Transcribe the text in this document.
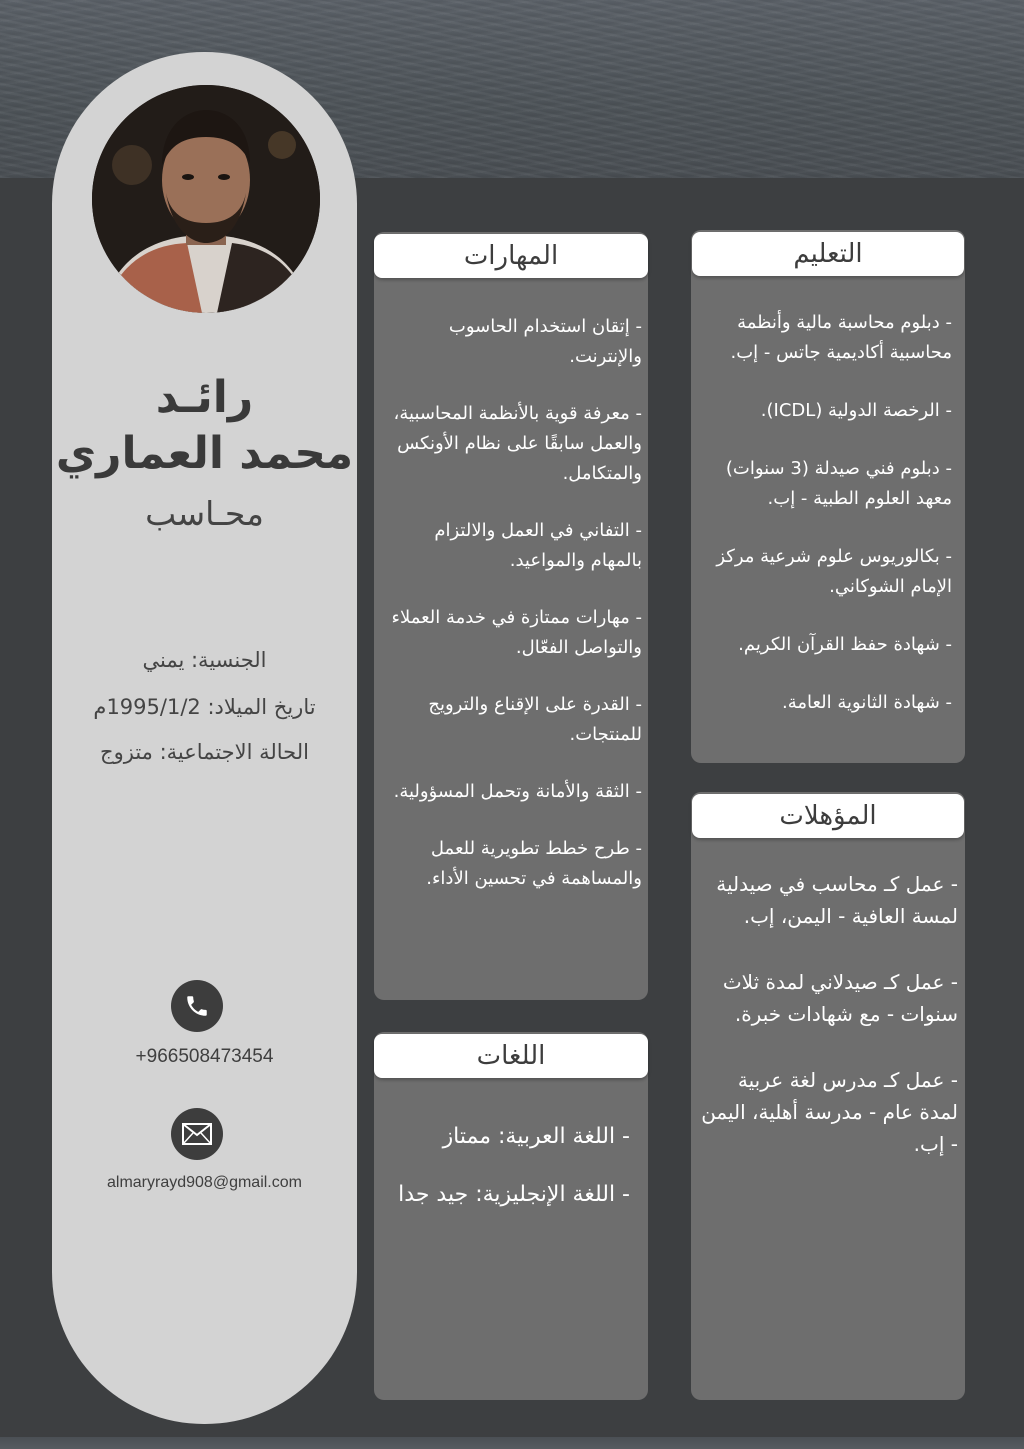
رائـد
محمد العماري
محـاسب
الجنسية: يمني
تاريخ الميلاد: 1995/1/2م
الحالة الاجتماعية: متزوج
+966508473454
almaryrayd908@gmail.com
المهارات

- إتقان استخدام الحاسوب والإنترنت.

- معرفة قوية بالأنظمة المحاسبية، والعمل سابقًا على نظام الأونكس والمتكامل.

- التفاني في العمل والالتزام بالمهام والمواعيد.

- مهارات ممتازة في خدمة العملاء والتواصل الفعّال.

- القدرة على الإقناع والترويج للمنتجات.

- الثقة والأمانة وتحمل المسؤولية.

- طرح خطط تطويرية للعمل والمساهمة في تحسين الأداء.

اللغات

- اللغة العربية: ممتاز

- اللغة الإنجليزية: جيد جدا

التعليم

- دبلوم محاسبة مالية وأنظمة محاسبية أكاديمية جاتس - إب.

- الرخصة الدولية (ICDL).

- دبلوم فني صيدلة (3 سنوات) معهد العلوم الطبية - إب.

- بكالوريوس علوم شرعية مركز الإمام الشوكاني.

- شهادة حفظ القرآن الكريم.

- شهادة الثانوية العامة.

المؤهلات

- عمل كـ محاسب في صيدلية لمسة العافية - اليمن، إب.

- عمل كـ صيدلاني لمدة ثلاث سنوات - مع شهادات خبرة.

- عمل كـ مدرس لغة عربية لمدة عام - مدرسة أهلية، اليمن - إب.
